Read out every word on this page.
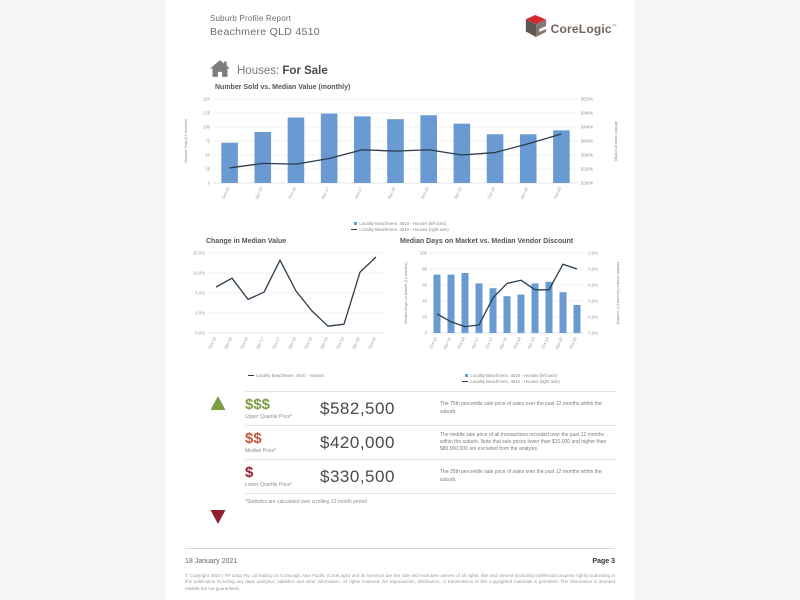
Suburb Profile Report
Beachmere QLD 4510	CoreLogic™
Houses: For Sale
Number Sold vs. Median Value (monthly)
0
25
50
75
100
125
150
$280K
$320K
$360K
$400K
$440K
$480K
$520K
Oct-15	Apr-16	Oct-16	Apr-17	Oct-17	Apr-18	Oct-18	Apr-19	Oct-19	Apr-20	Oct-20
Number Sold (12 months)	Median Value (monthly)
Locality Beachmere, 4510 - Houses (left axis)
Locality Beachmere, 4510 - Houses (right axis)
Change in Median Value
-5.0%
0.0%
5.0%
10.0%
15.0%
Oct-15 Apr-16 Oct-16 Apr-17 Oct-17 Apr-18 Oct-18 Apr-19 Oct-19 Apr-20 Oct-20
Locality Beachmere, 4510 - Houses
Median Days on Market vs. Median Vendor Discount
0
20
40
60
80
100
-7.0%
-6.0%
-5.0%
-4.0%
-3.0%
-2.0%
Oct-15 Apr-16 Oct-16 Apr-17 Oct-17 Apr-18 Oct-18 Apr-19 Oct-19 Apr-20 Oct-20
Median Days on Market (12 months)	Median Vendor Discount (12 months)
Locality Beachmere, 4510 - Houses (left axis)
Locality Beachmere, 4510 - Houses (right axis)
$$$
Upper Quartile Price*	$582,500	The 75th percentile sale price of sales over the past 12 months within the suburb.
$$
Median Price*	$420,000	The middle sale price of all transactions recorded over the past 12 months within the suburb. Note that sale prices lower than $10,000 and higher than $80,000,000 are excluded from the analysis.
$
Lower Quartile Price*	$330,500	The 25th percentile sale price of sales over the past 12 months within the suburb.
*Statistics are calculated over a rolling 12 month period
18 January 2021	Page 3
© Copyright 2020 | RP Data Pty Ltd trading as CoreLogic Asia Pacific (CoreLogic) and its licensors are the sole and exclusive owners of all rights, title and interest (including intellectual property rights) subsisting in this publication including any data, analytics, statistics and other information. All rights reserved. No reproduction, distribution, or transmission of this copyrighted materials is permitted. The information is deemed reliable but not guaranteed.
